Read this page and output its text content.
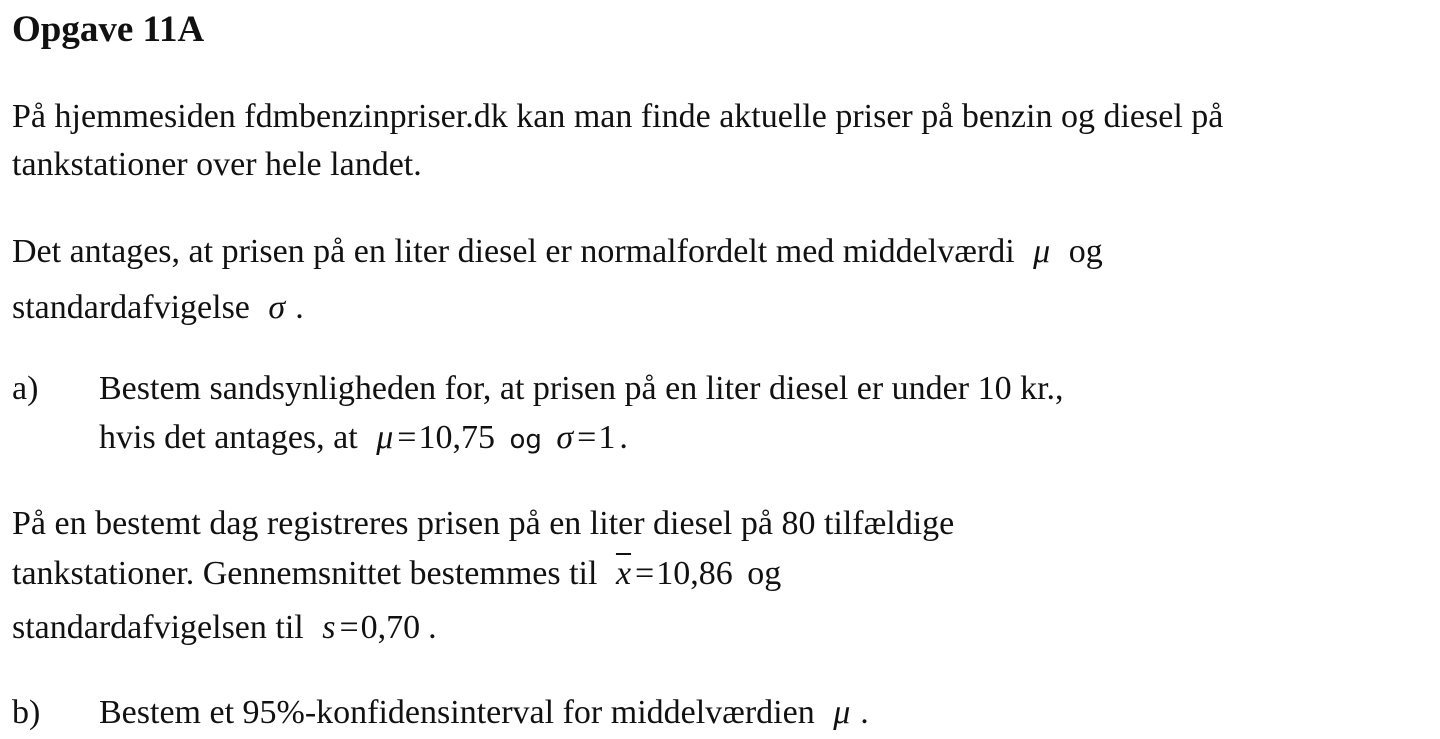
Opgave 11A
På hjemmesiden fdmbenzinpriser.dk kan man finde aktuelle priser på benzin og diesel på
tankstationer over hele landet.
Det antages, at prisen på en liter diesel er normalfordelt med middelværdi μ og
standardafvigelse σ .
a) Bestem sandsynligheden for, at prisen på en liter diesel er under 10 kr.,
hvis det antages, at μ =10,75 og σ =1 .
På en bestemt dag registreres prisen på en liter diesel på 80 tilfældige
tankstationer. Gennemsnittet bestemmes til $\overline{x} =10,86$ og
standardafvigelsen til s =0,70 .
b) Bestem et 95%-konfidensinterval for middelværdien μ .
